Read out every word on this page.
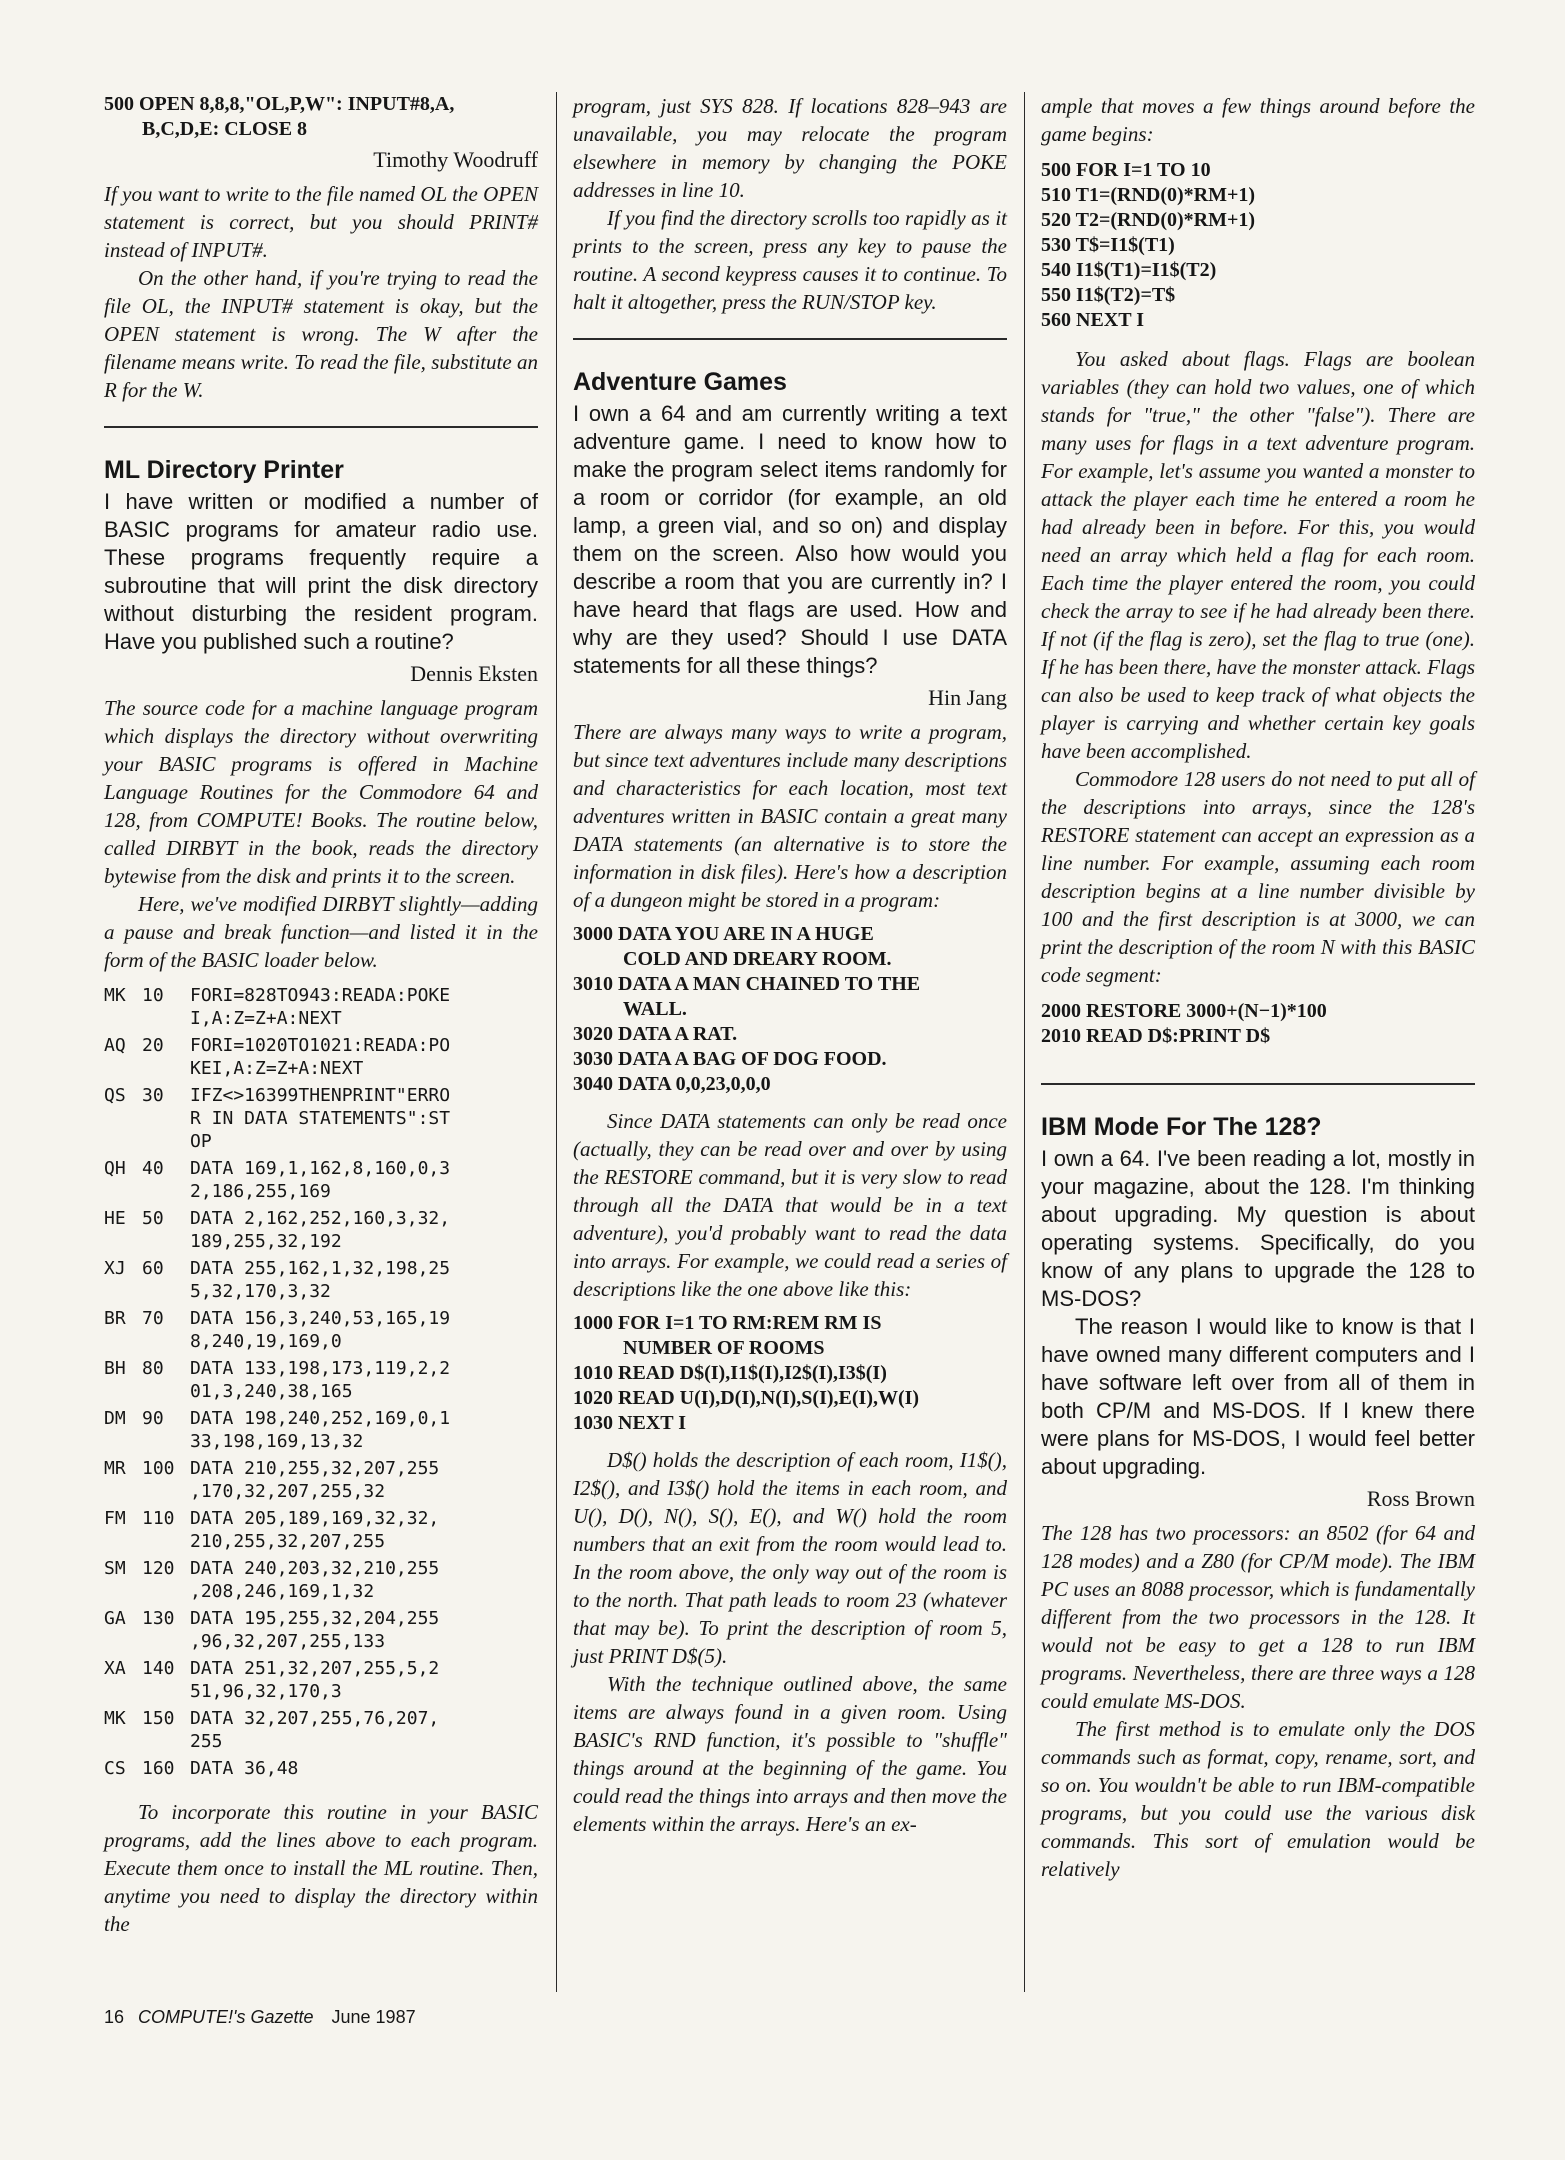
500 OPEN 8,8,8,"OL,P,W": INPUT#8,A,
B,C,D,E: CLOSE 8
Timothy Woodruff

If you want to write to the file named OL the OPEN statement is correct, but you should PRINT# instead of INPUT#.

On the other hand, if you're trying to read the file OL, the INPUT# statement is okay, but the OPEN statement is wrong. The W after the filename means write. To read the file, substitute an R for the W.

ML Directory Printer

I have written or modified a number of BASIC programs for amateur radio use. These programs frequently require a subroutine that will print the disk directory without disturbing the resident program. Have you published such a routine?

Dennis Eksten

The source code for a machine language program which displays the directory without overwriting your BASIC programs is offered in Machine Language Routines for the Commodore 64 and 128, from COMPUTE! Books. The routine below, called DIRBYT in the book, reads the directory bytewise from the disk and prints it to the screen.

Here, we've modified DIRBYT slightly—adding a pause and break function—and listed it in the form of the BASIC loader below.

MK 10	FORI=828TO943:READA:POKE
I,A:Z=Z+A:NEXT
AQ 20	FORI=1020TO1021:READA:PO
KEI,A:Z=Z+A:NEXT
QS 30	IFZ<>16399THENPRINT"ERRO
R IN DATA STATEMENTS":ST
OP
QH 40	DATA 169,1,162,8,160,0,3
2,186,255,169
HE 50	DATA 2,162,252,160,3,32,
189,255,32,192
XJ 60	DATA 255,162,1,32,198,25
5,32,170,3,32
BR 70	DATA 156,3,240,53,165,19
8,240,19,169,0
BH 80	DATA 133,198,173,119,2,2
01,3,240,38,165
DM 90	DATA 198,240,252,169,0,1
33,198,169,13,32
MR 100 DATA 210,255,32,207,255
,170,32,207,255,32
FM 110 DATA 205,189,169,32,32,
210,255,32,207,255
SM 120 DATA 240,203,32,210,255
,208,246,169,1,32
GA 130 DATA 195,255,32,204,255
,96,32,207,255,133
XA 140 DATA 251,32,207,255,5,2
51,96,32,170,3
MK 150 DATA 32,207,255,76,207,
255
CS 160 DATA 36,48

To incorporate this routine in your BASIC programs, add the lines above to each program. Execute them once to install the ML routine. Then, anytime you need to display the directory within the

program, just SYS 828. If locations 828–943 are unavailable, you may relocate the program elsewhere in memory by changing the POKE addresses in line 10.

If you find the directory scrolls too rapidly as it prints to the screen, press any key to pause the routine. A second keypress causes it to continue. To halt it altogether, press the RUN/STOP key.

Adventure Games

I own a 64 and am currently writing a text adventure game. I need to know how to make the program select items randomly for a room or corridor (for example, an old lamp, a green vial, and so on) and display them on the screen. Also how would you describe a room that you are currently in? I have heard that flags are used. How and why are they used? Should I use DATA statements for all these things?

Hin Jang

There are always many ways to write a program, but since text adventures include many descriptions and characteristics for each location, most text adventures written in BASIC contain a great many DATA statements (an alternative is to store the information in disk files). Here's how a description of a dungeon might be stored in a program:

3000 DATA YOU ARE IN A HUGE
COLD AND DREARY ROOM.
3010 DATA A MAN CHAINED TO THE
WALL.
3020 DATA A RAT.
3030 DATA A BAG OF DOG FOOD.
3040 DATA 0,0,23,0,0,0

Since DATA statements can only be read once (actually, they can be read over and over by using the RESTORE command, but it is very slow to read through all the DATA that would be in a text adventure), you'd probably want to read the data into arrays. For example, we could read a series of descriptions like the one above like this:

1000 FOR I=1 TO RM:REM RM IS
NUMBER OF ROOMS
1010 READ D$(I),I1$(I),I2$(I),I3$(I)
1020 READ U(I),D(I),N(I),S(I),E(I),W(I)
1030 NEXT I

D$() holds the description of each room, I1$(), I2$(), and I3$() hold the items in each room, and U(), D(), N(), S(), E(), and W() hold the room numbers that an exit from the room would lead to. In the room above, the only way out of the room is to the north. That path leads to room 23 (whatever that may be). To print the description of room 5, just PRINT D$(5).

With the technique outlined above, the same items are always found in a given room. Using BASIC's RND function, it's possible to "shuffle" things around at the beginning of the game. You could read the things into arrays and then move the elements within the arrays. Here's an ex-

ample that moves a few things around before the game begins:

500 FOR I=1 TO 10
510 T1=(RND(0)*RM+1)
520 T2=(RND(0)*RM+1)
530 T$=I1$(T1)
540 I1$(T1)=I1$(T2)
550 I1$(T2)=T$
560 NEXT I

You asked about flags. Flags are boolean variables (they can hold two values, one of which stands for "true," the other "false"). There are many uses for flags in a text adventure program. For example, let's assume you wanted a monster to attack the player each time he entered a room he had already been in before. For this, you would need an array which held a flag for each room. Each time the player entered the room, you could check the array to see if he had already been there. If not (if the flag is zero), set the flag to true (one). If he has been there, have the monster attack. Flags can also be used to keep track of what objects the player is carrying and whether certain key goals have been accomplished.

Commodore 128 users do not need to put all of the descriptions into arrays, since the 128's RESTORE statement can accept an expression as a line number. For example, assuming each room description begins at a line number divisible by 100 and the first description is at 3000, we can print the description of the room N with this BASIC code segment:

2000 RESTORE 3000+(N−1)*100
2010 READ D$:PRINT D$
IBM Mode For The 128?

I own a 64. I've been reading a lot, mostly in your magazine, about the 128. I'm thinking about upgrading. My question is about operating systems. Specifically, do you know of any plans to upgrade the 128 to MS-DOS?

The reason I would like to know is that I have owned many different computers and I have software left over from all of them in both CP/M and MS-DOS. If I knew there were plans for MS-DOS, I would feel better about upgrading.

Ross Brown

The 128 has two processors: an 8502 (for 64 and 128 modes) and a Z80 (for CP/M mode). The IBM PC uses an 8088 processor, which is fundamentally different from the two processors in the 128. It would not be easy to get a 128 to run IBM programs. Nevertheless, there are three ways a 128 could emulate MS-DOS.

The first method is to emulate only the DOS commands such as format, copy, rename, sort, and so on. You wouldn't be able to run IBM-compatible programs, but you could use the various disk commands. This sort of emulation would be relatively

16 COMPUTE!'s Gazette June 1987
